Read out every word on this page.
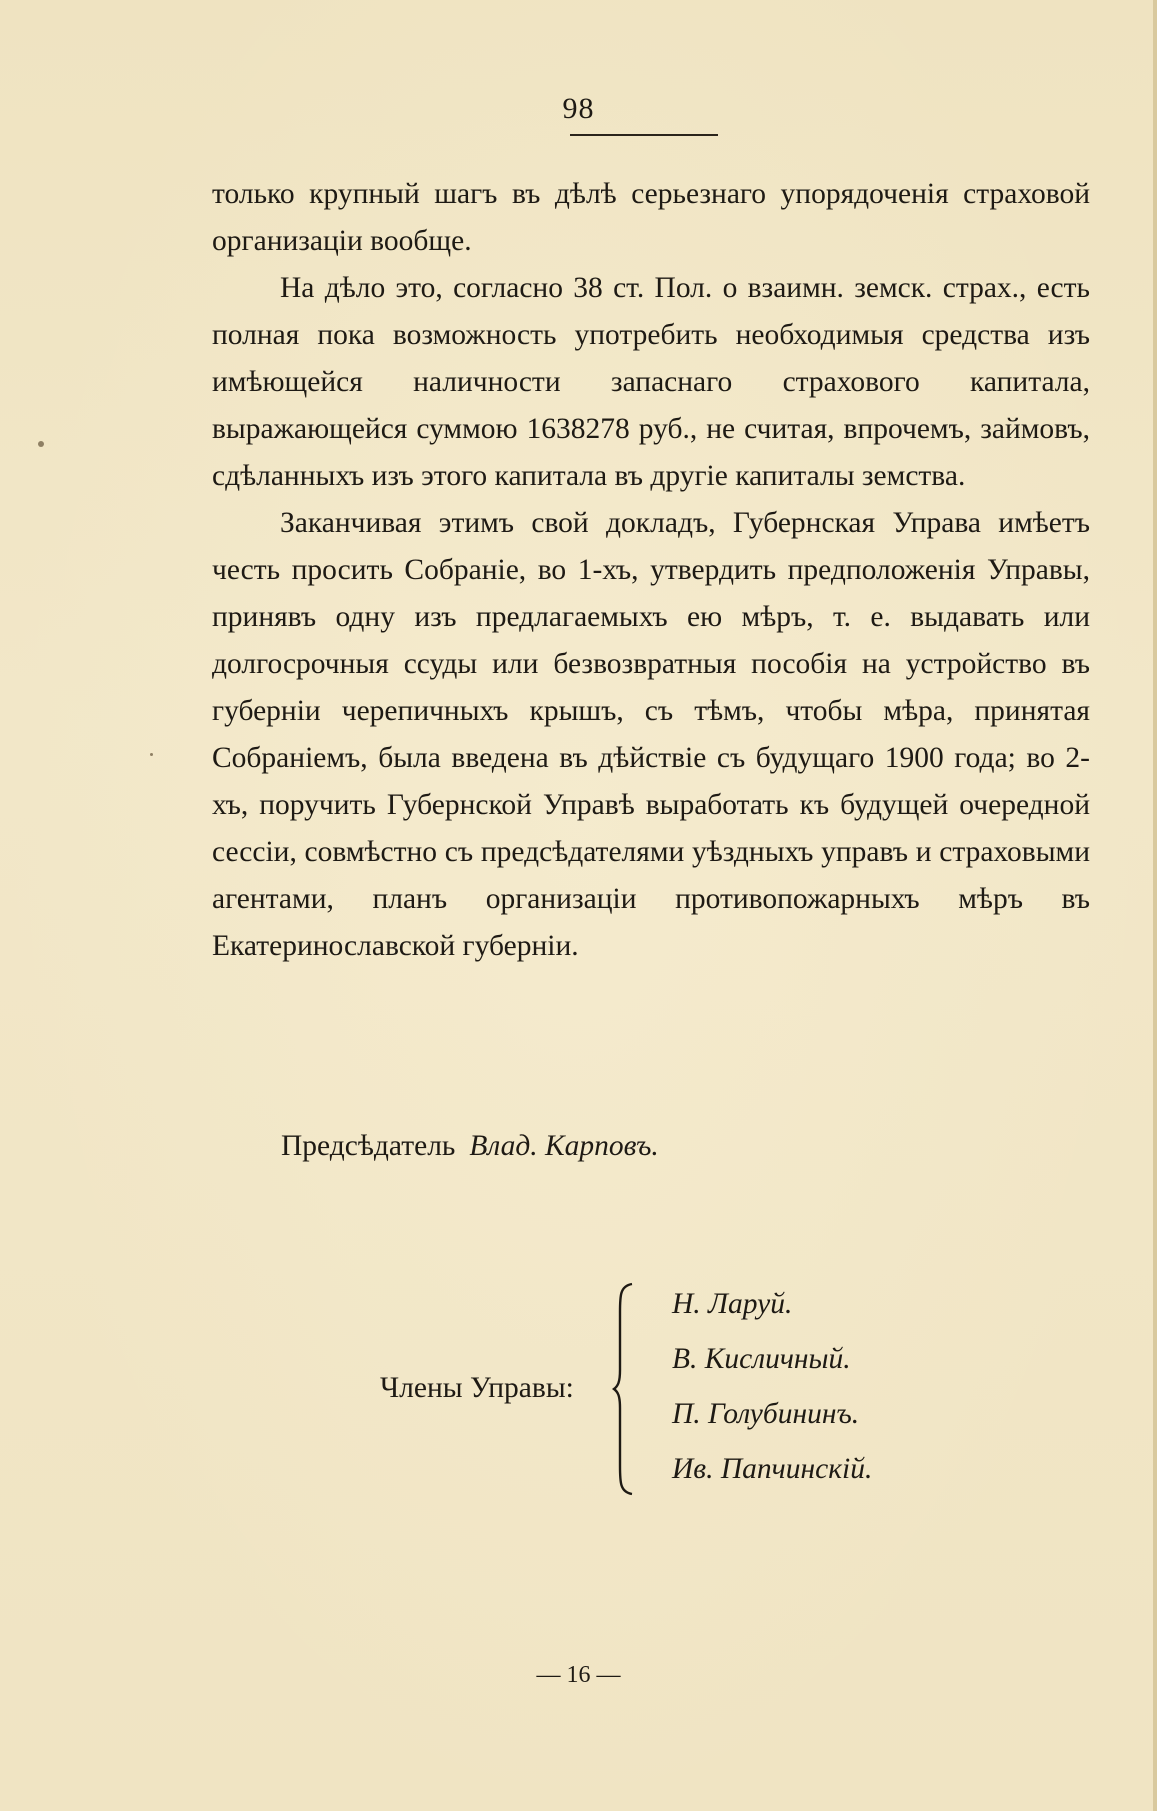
98

только крупный шагъ въ дѣлѣ серьезнаго упорядоченія страховой организаціи вообще.

На дѣло это, согласно 38 ст. Пол. о взаимн. земск. страх., есть полная пока возможность употребить необходимыя средства изъ имѣющейся наличности запаснаго страхового капитала, выражающейся суммою 1638278 руб., не считая, впрочемъ, займовъ, сдѣланныхъ изъ этого капитала въ другіе капиталы земства.

Заканчивая этимъ свой докладъ, Губернская Управа имѣетъ честь просить Собраніе, во 1-хъ, утвердить предположенія Управы, принявъ одну изъ предлагаемыхъ ею мѣръ, т. е. выдавать или долгосрочныя ссуды или безвозвратныя пособія на устройство въ губерніи черепичныхъ крышъ, съ тѣмъ, чтобы мѣра, принятая Собраніемъ, была введена въ дѣйствіе съ будущаго 1900 года; во 2-хъ, поручить Губернской Управѣ выработать къ будущей очередной сессіи, совмѣстно съ предсѣдателями уѣздныхъ управъ и страховыми агентами, планъ организаціи противопожарныхъ мѣръ въ Екатеринославской губерніи.

Предсѣдатель Влад. Карповъ.
Члены Управы:
Н. Ларуй.
В. Кисличный.
П. Голубининъ.
Ив. Папчинскій.
— 16 —
